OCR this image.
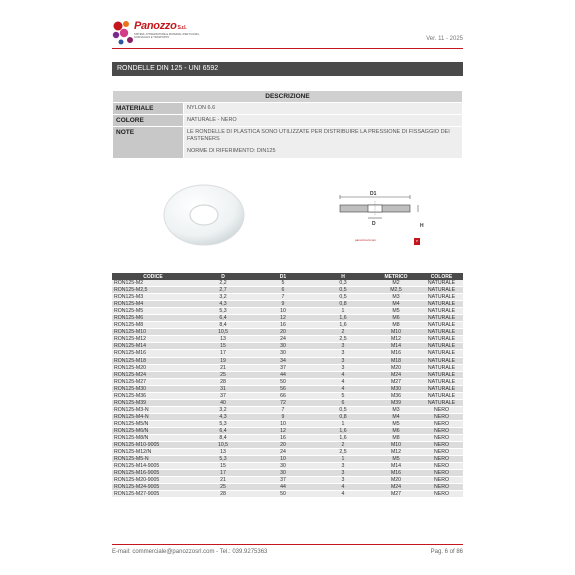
PanozzoS.r.l.
SISTEMI, ATTREZZATURE E MATERIALI PER PULIZIA, SOFFIAGGIO E TRASPORTO	Ver. 11 - 2025
RONDELLE DIN 125 - UNI 6592
DESCRIZIONE	
MATERIALE	NYLON 6.6
COLORE	NATURALE - NERO
NOTE	LE RONDELLE DI PLASTICA SONO UTILIZZATE PER DISTRIBUIRE LA PRESSIONE DI FISSAGGIO DEI FASTENERS
NORME DI RIFERIMENTO: DIN125
D1
D	H
panozzosrl.com	P
CODICE	D	D1	H	METRICO	COLORE
RON125-M2	2,2	5	0,3	M2	NATURALE
RON125-M2,5	2,7	6	0,5	M2,5	NATURALE
RON125-M3	3,2	7	0,5	M3	NATURALE
RON125-M4	4,3	9	0,8	M4	NATURALE
RON125-M5	5,3	10	1	M5	NATURALE
RON125-M6	6,4	12	1,6	M6	NATURALE
RON125-M8	8,4	16	1,6	M8	NATURALE
RON125-M10	10,5	20	2	M10	NATURALE
RON125-M12	13	24	2,5	M12	NATURALE
RON125-M14	15	30	3	M14	NATURALE
RON125-M16	17	30	3	M16	NATURALE
RON125-M18	19	34	3	M18	NATURALE
RON125-M20	21	37	3	M20	NATURALE
RON125-M24	25	44	4	M24	NATURALE
RON125-M27	28	50	4	M27	NATURALE
RON125-M30	31	56	4	M30	NATURALE
RON125-M36	37	66	5	M36	NATURALE
RON125-M39	40	72	6	M39	NATURALE
RON125-M3-N	3,2	7	0,5	M3	NERO
RON125-M4-N	4,3	9	0,8	M4	NERO
RON125-M5/N	5,3	10	1	M5	NERO
RON125-M6/N	6,4	12	1,6	M6	NERO
RON125-M8/N	8,4	16	1,6	M8	NERO
RON125-M10-9005	10,5	20	2	M10	NERO
RON125-M12/N	13	24	2,5	M12	NERO
RON125-M5-N	5,3	10	1	M5	NERO
RON125-M14-9005	15	30	3	M14	NERO
RON125-M16-9005	17	30	3	M16	NERO
RON125-M20-9005	21	37	3	M20	NERO
RON125-M24-9005	25	44	4	M24	NERO
RON125-M27-9005	28	50	4	M27	NERO
E-mail: commerciale@panozzosrl.com - Tel.: 039.9275363	Pag. 6 of 86
